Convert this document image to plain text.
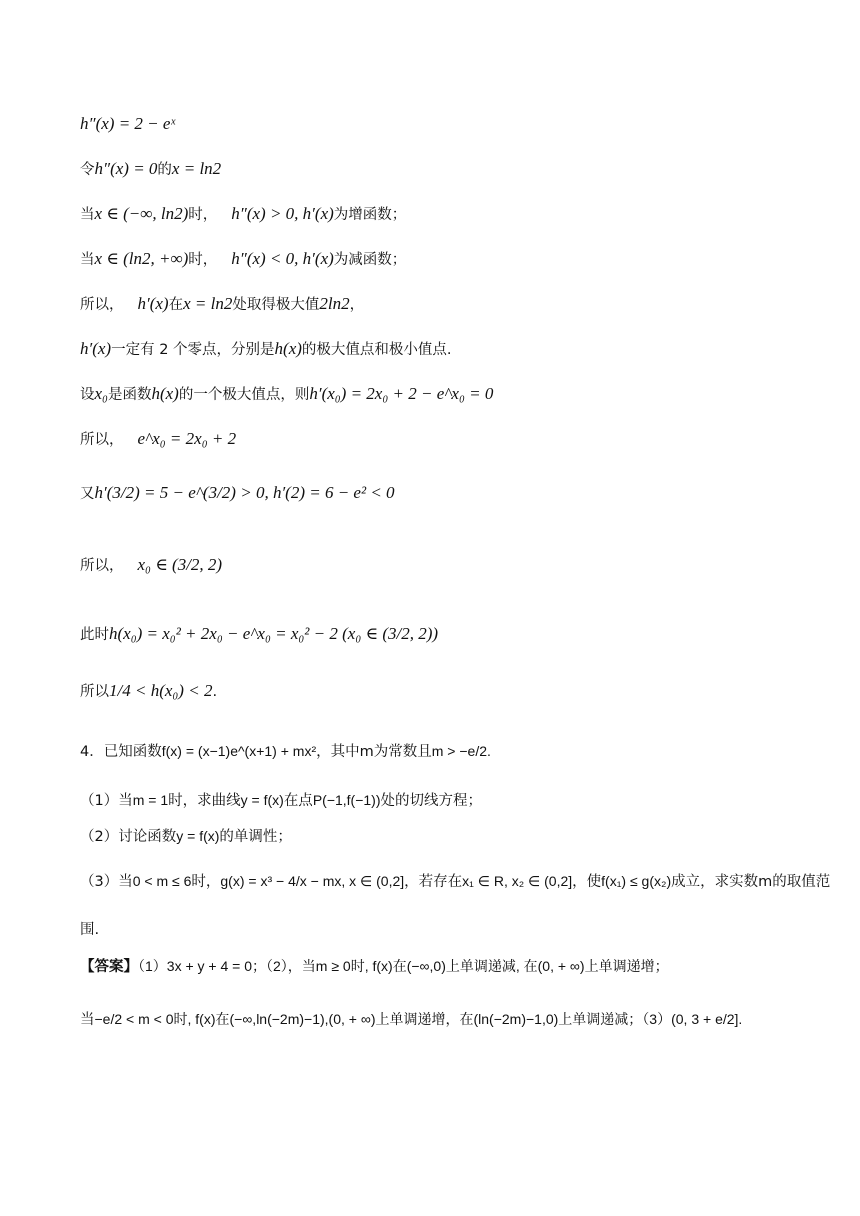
h″(x) = 2 − eˣ
令h″(x) = 0的x = ln2
当x ∈ (−∞, ln2)时， h″(x) > 0, h′(x)为增函数；
当x ∈ (ln2, +∞)时， h″(x) < 0, h′(x)为减函数；
所以， h′(x)在x = ln2处取得极大值2ln2，
h′(x)一定有 2 个零点，分别是h(x)的极大值点和极小值点.
设x₀是函数h(x)的一个极大值点，则h′(x₀) = 2x₀ + 2 − e^x₀ = 0
所以， e^x₀ = 2x₀ + 2
又h′(3/2) = 5 − e^(3/2) > 0, h′(2) = 6 − e² < 0
所以， x₀ ∈ (3/2, 2)
此时h(x₀) = x₀² + 2x₀ − e^x₀ = x₀² − 2 (x₀ ∈ (3/2, 2))
所以1/4 < h(x₀) < 2.
4．已知函数f(x) = (x−1)e^(x+1) + mx²，其中m为常数且m > −e/2.
（1）当m = 1时，求曲线y = f(x)在点P(−1,f(−1))处的切线方程；
（2）讨论函数y = f(x)的单调性；
（3）当0 < m ≤ 6时，g(x) = x³ − 4/x − mx, x ∈ (0,2]，若存在x₁ ∈ R, x₂ ∈ (0,2]，使f(x₁) ≤ g(x₂)成立，求实数m的取值范
围.
【答案】（1）3x + y + 4 = 0；（2），当m ≥ 0时, f(x)在(−∞,0)上单调递减, 在(0, + ∞)上单调递增；
当−e/2 < m < 0时, f(x)在(−∞,ln(−2m)−1),(0, + ∞)上单调递增，在(ln(−2m)−1,0)上单调递减；（3）(0, 3 + e/2].
